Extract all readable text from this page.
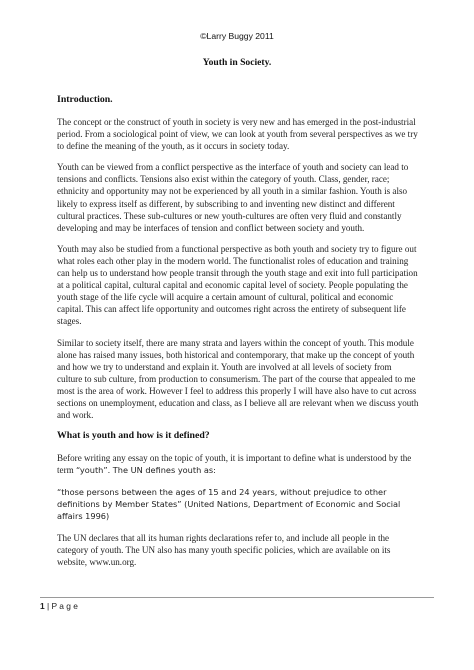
©Larry Buggy 2011
Youth in Society.
Introduction.

The concept or the construct of youth in society is very new and has emerged in the post-industrial period. From a sociological point of view, we can look at youth from several perspectives as we try to define the meaning of the youth, as it occurs in society today.

Youth can be viewed from a conflict perspective as the interface of youth and society can lead to tensions and conflicts. Tensions also exist within the category of youth. Class, gender, race; ethnicity and opportunity may not be experienced by all youth in a similar fashion. Youth is also likely to express itself as different, by subscribing to and inventing new distinct and different cultural practices. These sub-cultures or new youth-cultures are often very fluid and constantly developing and may be interfaces of tension and conflict between society and youth.

Youth may also be studied from a functional perspective as both youth and society try to figure out what roles each other play in the modern world. The functionalist roles of education and training can help us to understand how people transit through the youth stage and exit into full participation at a political capital, cultural capital and economic capital level of society. People populating the youth stage of the life cycle will acquire a certain amount of cultural, political and economic capital. This can affect life opportunity and outcomes right across the entirety of subsequent life stages.

Similar to society itself, there are many strata and layers within the concept of youth. This module alone has raised many issues, both historical and contemporary, that make up the concept of youth and how we try to understand and explain it. Youth are involved at all levels of society from culture to sub culture, from production to consumerism. The part of the course that appealed to me most is the area of work. However I feel to address this properly I will have also have to cut across sections on unemployment, education and class, as I believe all are relevant when we discuss youth and work.

What is youth and how is it defined?

Before writing any essay on the topic of youth, it is important to define what is understood by the term “youth”. The UN defines youth as:

“those persons between the ages of 15 and 24 years, without prejudice to other definitions by Member States” (United Nations, Department of Economic and Social affairs 1996)

The UN declares that all its human rights declarations refer to, and include all people in the category of youth. The UN also has many youth specific policies, which are available on its website, www.un.org.

1 | P a g e
